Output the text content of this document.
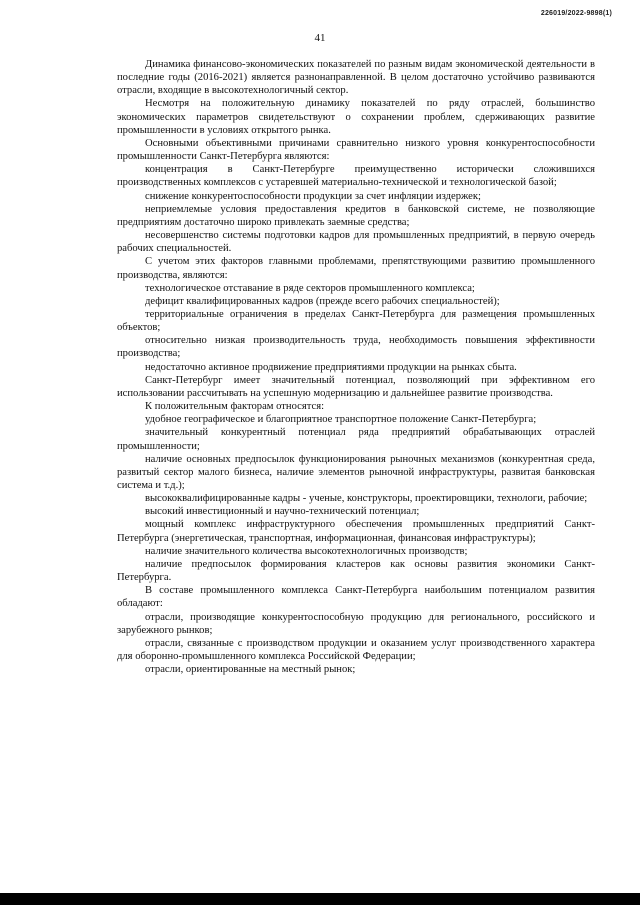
226019/2022-9898(1)
41

Динамика финансово-экономических показателей по разным видам экономической деятельности в последние годы (2016-2021) является разнонаправленной. В целом достаточно устойчиво развиваются отрасли, входящие в высокотехнологичный сектор.

Несмотря на положительную динамику показателей по ряду отраслей, большинство экономических параметров свидетельствуют о сохранении проблем, сдерживающих развитие промышленности в условиях открытого рынка.

Основными объективными причинами сравнительно низкого уровня конкурентоспособности промышленности Санкт-Петербурга являются:

концентрация в Санкт-Петербурге преимущественно исторически сложившихся производственных комплексов с устаревшей материально-технической и технологической базой;

снижение конкурентоспособности продукции за счет инфляции издержек;

неприемлемые условия предоставления кредитов в банковской системе, не позволяющие предприятиям достаточно широко привлекать заемные средства;

несовершенство системы подготовки кадров для промышленных предприятий, в первую очередь рабочих специальностей.

С учетом этих факторов главными проблемами, препятствующими развитию промышленного производства, являются:

технологическое отставание в ряде секторов промышленного комплекса;

дефицит квалифицированных кадров (прежде всего рабочих специальностей);

территориальные ограничения в пределах Санкт-Петербурга для размещения промышленных объектов;

относительно низкая производительность труда, необходимость повышения эффективности производства;

недостаточно активное продвижение предприятиями продукции на рынках сбыта.

Санкт-Петербург имеет значительный потенциал, позволяющий при эффективном его использовании рассчитывать на успешную модернизацию и дальнейшее развитие производства.

К положительным факторам относятся:

удобное географическое и благоприятное транспортное положение Санкт-Петербурга;

значительный конкурентный потенциал ряда предприятий обрабатывающих отраслей промышленности;

наличие основных предпосылок функционирования рыночных механизмов (конкурентная среда, развитый сектор малого бизнеса, наличие элементов рыночной инфраструктуры, развитая банковская система и т.д.);

высококвалифицированные кадры - ученые, конструкторы, проектировщики, технологи, рабочие;

высокий инвестиционный и научно-технический потенциал;

мощный комплекс инфраструктурного обеспечения промышленных предприятий Санкт-Петербурга (энергетическая, транспортная, информационная, финансовая инфраструктуры);

наличие значительного количества высокотехнологичных производств;

наличие предпосылок формирования кластеров как основы развития экономики Санкт-Петербурга.

В составе промышленного комплекса Санкт-Петербурга наибольшим потенциалом развития обладают:

отрасли, производящие конкурентоспособную продукцию для регионального, российского и зарубежного рынков;

отрасли, связанные с производством продукции и оказанием услуг производственного характера для оборонно-промышленного комплекса Российской Федерации;

отрасли, ориентированные на местный рынок;
